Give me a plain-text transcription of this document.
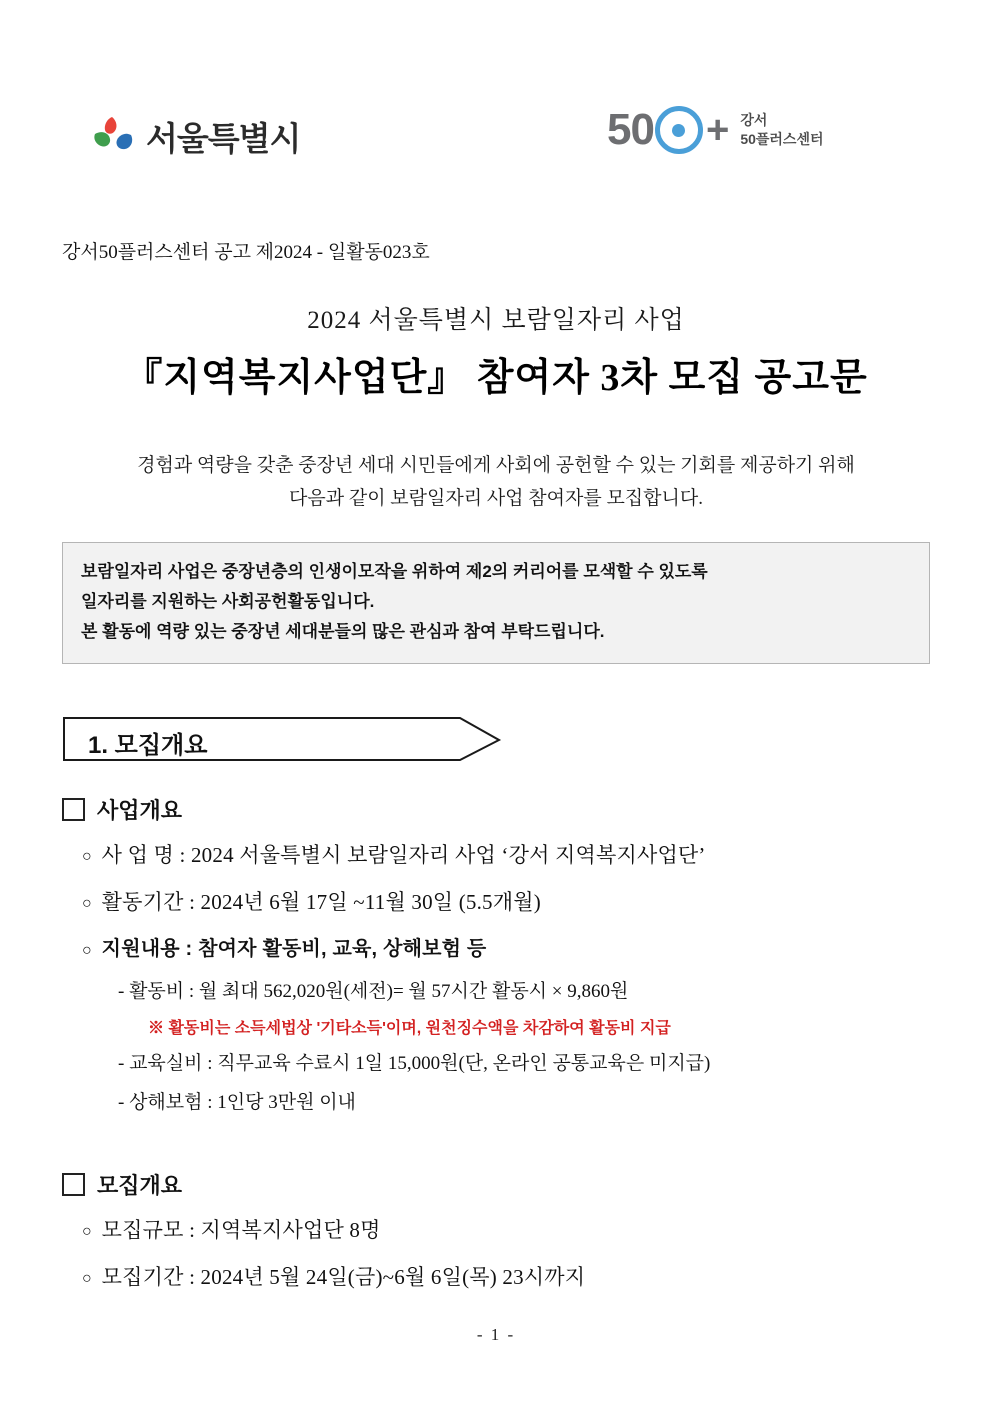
서울특별시	50 + 강서
50플러스센터
강서50플러스센터 공고 제2024 - 일활동023호
2024 서울특별시 보람일자리 사업
『지역복지사업단』 참여자 3차 모집 공고문
경험과 역량을 갖춘 중장년 세대 시민들에게 사회에 공헌할 수 있는 기회를 제공하기 위해
다음과 같이 보람일자리 사업 참여자를 모집합니다.
보람일자리 사업은 중장년층의 인생이모작을 위하여 제2의 커리어를 모색할 수 있도록
일자리를 지원하는 사회공헌활동입니다.
본 활동에 역량 있는 중장년 세대분들의 많은 관심과 참여 부탁드립니다.
1. 모집개요
사업개요
○ 사 업 명 : 2024 서울특별시 보람일자리 사업 ‘강서 지역복지사업단’
○ 활동기간 : 2024년 6월 17일 ~11월 30일 (5.5개월)
○ 지원내용 : 참여자 활동비, 교육, 상해보험 등
- 활동비 : 월 최대 562,020원(세전)= 월 57시간 활동시 × 9,860원
※ 활동비는 소득세법상 '기타소득'이며, 원천징수액을 차감하여 활동비 지급
- 교육실비 : 직무교육 수료시 1일 15,000원(단, 온라인 공통교육은 미지급)
- 상해보험 : 1인당 3만원 이내
모집개요
○ 모집규모 : 지역복지사업단 8명
○ 모집기간 : 2024년 5월 24일(금)~6월 6일(목) 23시까지
- 1 -
